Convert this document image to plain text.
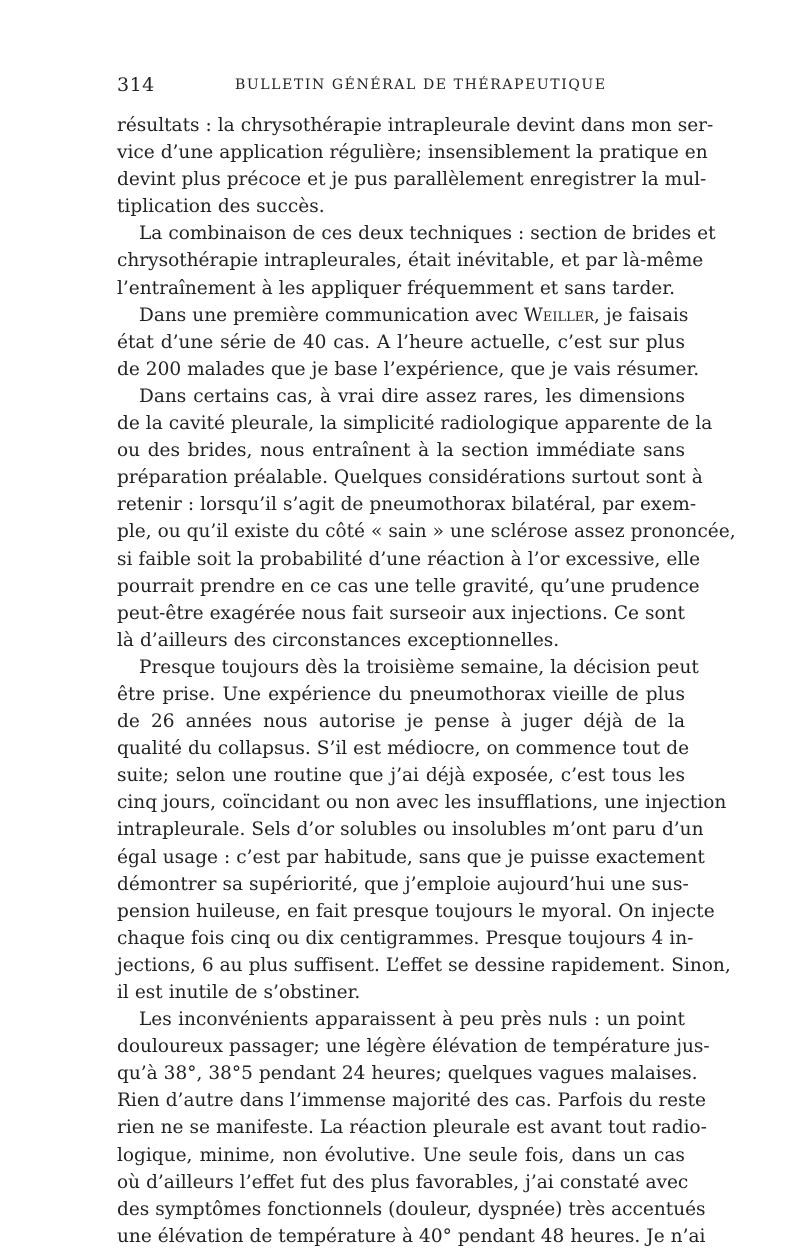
314	BULLETIN GÉNÉRAL DE THÉRAPEUTIQUE
résultats : la chrysothérapie intrapleurale devint dans mon ser-
vice d’une application régulière; insensiblement la pratique en
devint plus précoce et je pus parallèlement enregistrer la mul-
tiplication des succès.
La combinaison de ces deux techniques : section de brides et
chrysothérapie intrapleurales, était inévitable, et par là-même
l’entraînement à les appliquer fréquemment et sans tarder.
Dans une première communication avec Weiller, je faisais
état d’une série de 40 cas. A l’heure actuelle, c’est sur plus
de 200 malades que je base l’expérience, que je vais résumer.
Dans certains cas, à vrai dire assez rares, les dimensions
de la cavité pleurale, la simplicité radiologique apparente de la
ou des brides, nous entraînent à la section immédiate sans
préparation préalable. Quelques considérations surtout sont à
retenir : lorsqu’il s’agit de pneumothorax bilatéral, par exem-
ple, ou qu’il existe du côté « sain » une sclérose assez prononcée,
si faible soit la probabilité d’une réaction à l’or excessive, elle
pourrait prendre en ce cas une telle gravité, qu’une prudence
peut-être exagérée nous fait surseoir aux injections. Ce sont
là d’ailleurs des circonstances exceptionnelles.
Presque toujours dès la troisième semaine, la décision peut
être prise. Une expérience du pneumothorax vieille de plus
de 26 années nous autorise je pense à juger déjà de la
qualité du collapsus. S’il est médiocre, on commence tout de
suite; selon une routine que j’ai déjà exposée, c’est tous les
cinq jours, coïncidant ou non avec les insufflations, une injection
intrapleurale. Sels d’or solubles ou insolubles m’ont paru d’un
égal usage : c’est par habitude, sans que je puisse exactement
démontrer sa supériorité, que j’emploie aujourd’hui une sus-
pension huileuse, en fait presque toujours le myoral. On injecte
chaque fois cinq ou dix centigrammes. Presque toujours 4 in-
jections, 6 au plus suffisent. L’effet se dessine rapidement. Sinon,
il est inutile de s’obstiner.
Les inconvénients apparaissent à peu près nuls : un point
douloureux passager; une légère élévation de température jus-
qu’à 38°, 38°5 pendant 24 heures; quelques vagues malaises.
Rien d’autre dans l’immense majorité des cas. Parfois du reste
rien ne se manifeste. La réaction pleurale est avant tout radio-
logique, minime, non évolutive. Une seule fois, dans un cas
où d’ailleurs l’effet fut des plus favorables, j’ai constaté avec
des symptômes fonctionnels (douleur, dyspnée) très accentués
une élévation de température à 40° pendant 48 heures. Je n’ai
